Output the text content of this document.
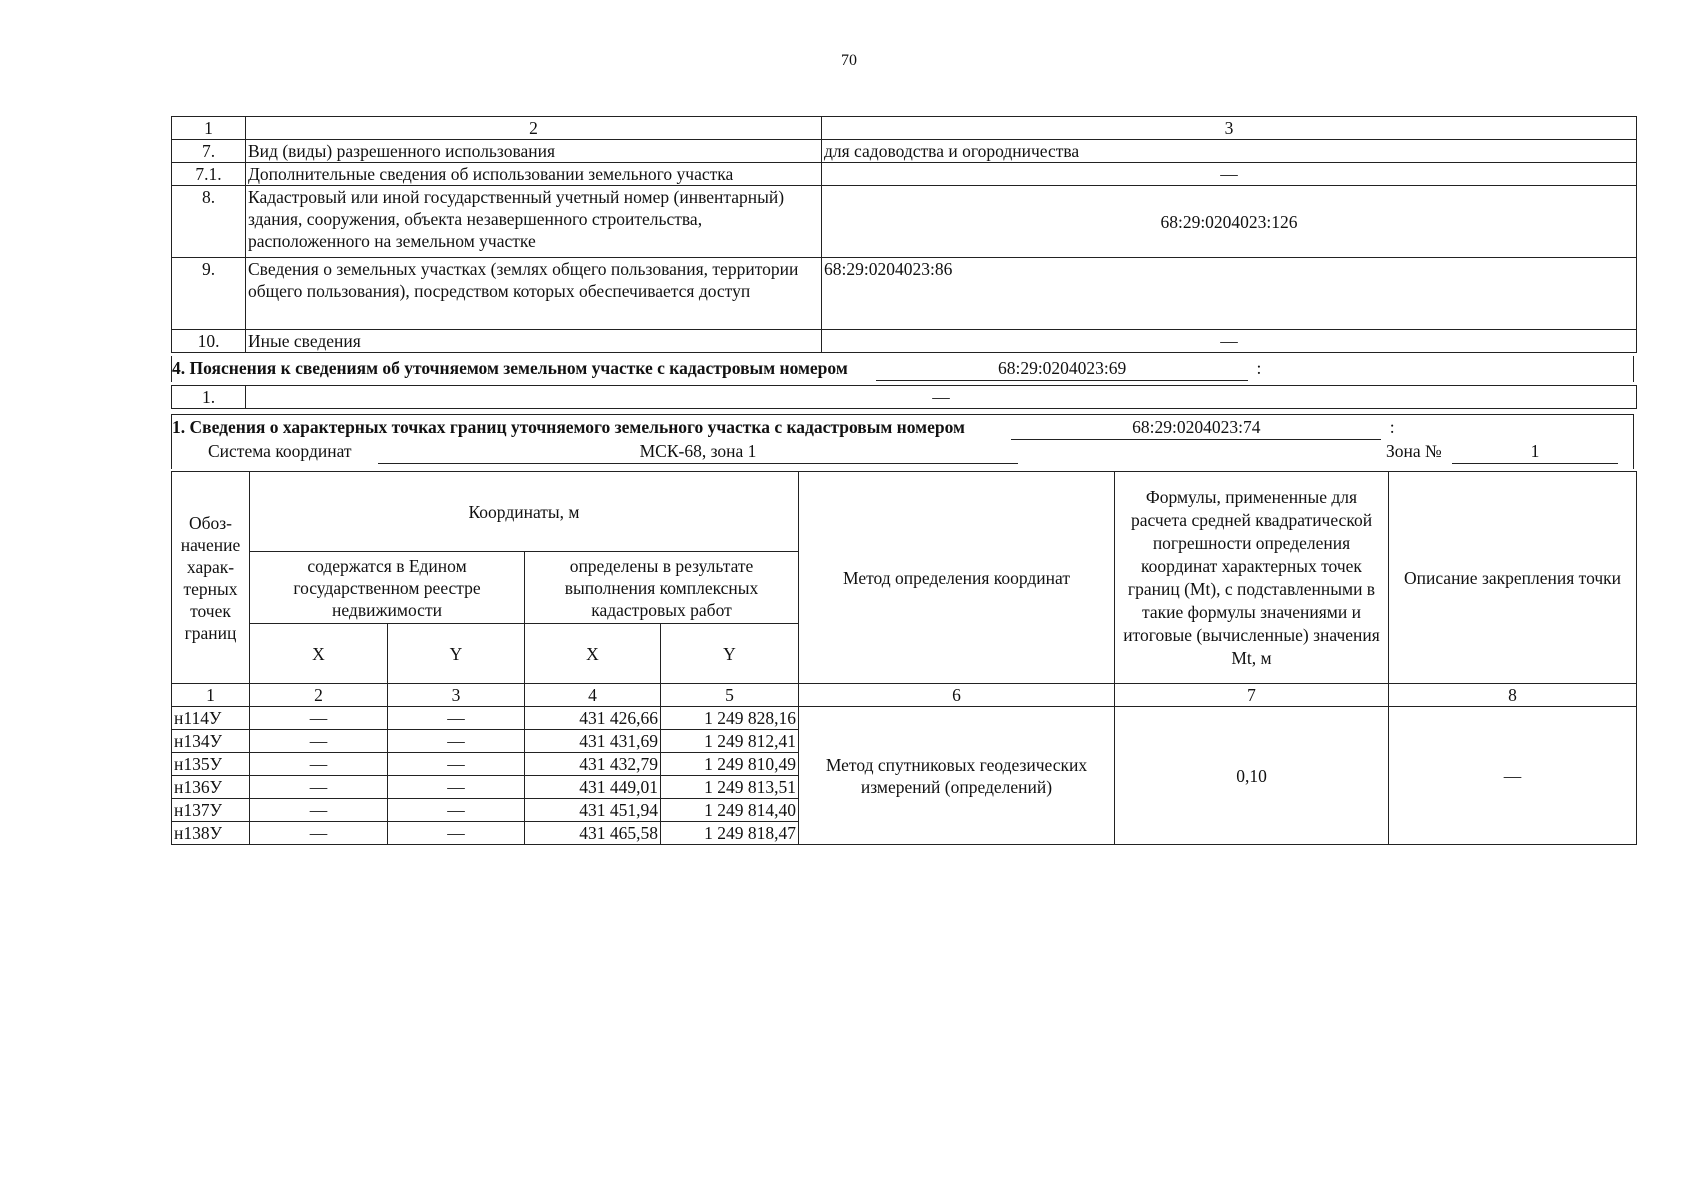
70
1	2	3
7.	Вид (виды) разрешенного использования	для садоводства и огородничества
7.1.	Дополнительные сведения об использовании земельного участка	—
8.	Кадастровый или иной государственный учетный номер (инвентарный) здания, сооружения, объекта незавершенного строительства, расположенного на земельном участке	68:29:0204023:126
9.	Сведения о земельных участках (землях общего пользования, территории общего пользования), посредством которых обеспечивается доступ	68:29:0204023:86
10.	Иные сведения	—
4. Пояснения к сведениям об уточняемом земельном участке с кадастровым номером	68:29:0204023:69	:
1.	—
1. Сведения о характерных точках границ уточняемого земельного участка с кадастровым номером	68:29:0204023:74	:
Система координат	МСК-68, зона 1	Зона №	1
Обоз- начение харак- терных точек границ	Координаты, м				Метод определения координат	Формулы, примененные для расчета средней квадратической погрешности определения координат характерных точек границ (Mt), с подставленными в такие формулы значениями и итоговые (вычисленные) значения Mt, м	Описание закрепления точки
	содержатся в Едином государственном реестре недвижимости		определены в результате выполнения комплексных кадастровых работ				
	X	Y	X	Y			
1	2	3	4	5	6	7	8
н114У	—	—	431 426,66	1 249 828,16	Метод спутниковых геодезических измерений (определений)	0,10	—
н134У	—	—	431 431,69	1 249 812,41			
н135У	—	—	431 432,79	1 249 810,49			
н136У	—	—	431 449,01	1 249 813,51			
н137У	—	—	431 451,94	1 249 814,40			
н138У	—	—	431 465,58	1 249 818,47			
